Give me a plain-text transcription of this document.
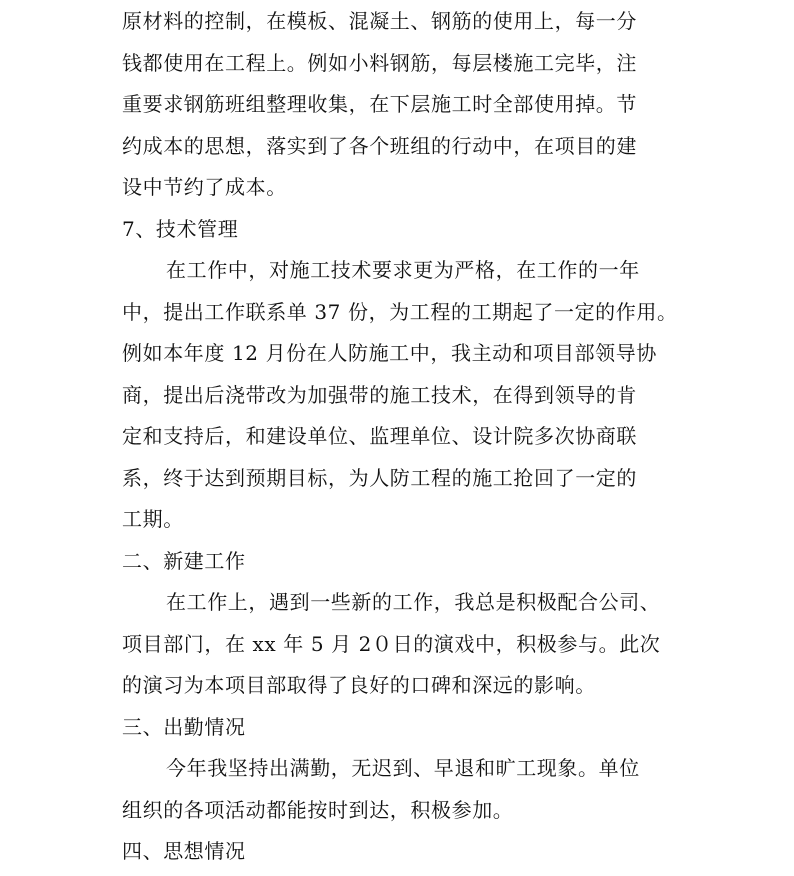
原材料的控制，在模板、混凝土、钢筋的使用上，每一分
钱都使用在工程上。例如小料钢筋，每层楼施工完毕，注
重要求钢筋班组整理收集，在下层施工时全部使用掉。节
约成本的思想，落实到了各个班组的行动中，在项目的建
设中节约了成本。
7、技术管理
在工作中，对施工技术要求更为严格，在工作的一年
中，提出工作联系单 37 份，为工程的工期起了一定的作用。
例如本年度 12 月份在人防施工中，我主动和项目部领导协
商，提出后浇带改为加强带的施工技术，在得到领导的肯
定和支持后，和建设单位、监理单位、设计院多次协商联
系，终于达到预期目标，为人防工程的施工抢回了一定的
工期。
二、新建工作
在工作上，遇到一些新的工作，我总是积极配合公司、
项目部门，在 xx 年 5 月 2０日的演戏中，积极参与。此次
的演习为本项目部取得了良好的口碑和深远的影响。
三、出勤情况
今年我坚持出满勤，无迟到、早退和旷工现象。单位
组织的各项活动都能按时到达，积极参加。
四、思想情况
